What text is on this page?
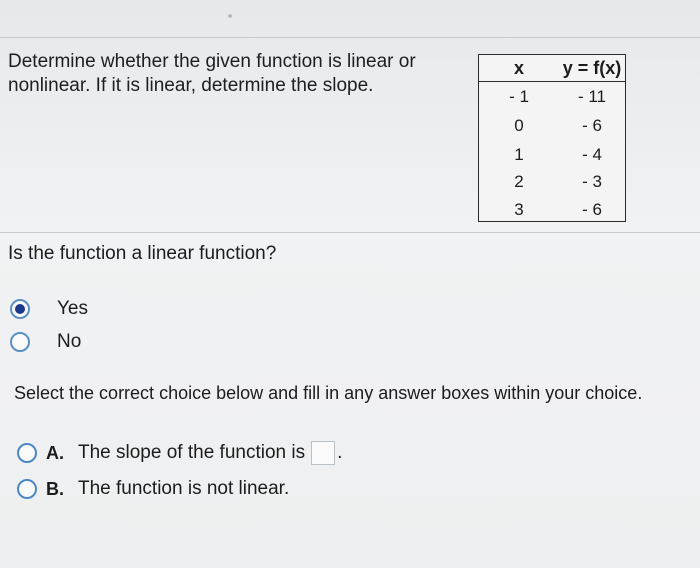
Determine whether the given function is linear or
nonlinear. If it is linear, determine the slope.
x	y = f(x)
- 1	- 11
0	- 6
1	- 4
2	- 3
3	- 6
Is the function a linear function?
Yes
No
Select the correct choice below and fill in any answer boxes within your choice.
A. The slope of the function is .
B. The function is not linear.
